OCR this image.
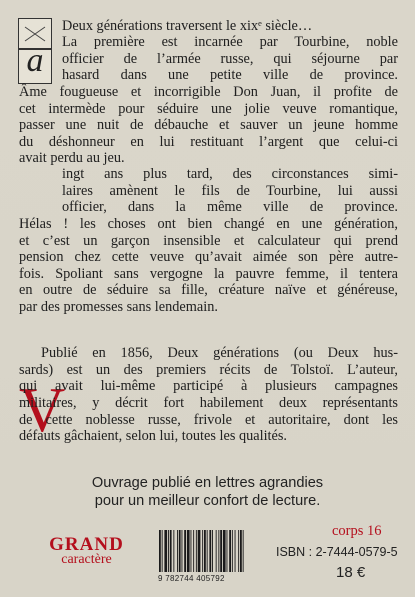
a
Deux générations traversent le xixᵉ siècle…
La première est incarnée par Tourbine, noble
officier de l’armée russe, qui séjourne par
hasard dans une petite ville de province.
Âme fougueuse et incorrigible Don Juan, il profite de
cet intermède pour séduire une jolie veuve romantique,
passer une nuit de débauche et sauver un jeune homme
du déshonneur en lui restituant l’argent que celui-ci
avait perdu au jeu.
V
ingt ans plus tard, des circonstances simi-
laires amènent le fils de Tourbine, lui aussi
officier, dans la même ville de province.
Hélas ! les choses ont bien changé en une génération,
et c’est un garçon insensible et calculateur qui prend
pension chez cette veuve qu’avait aimée son père autre-
fois. Spoliant sans vergogne la pauvre femme, il tentera
en outre de séduire sa fille, créature naïve et généreuse,
par des promesses sans lendemain.
Publié en 1856, Deux générations (ou Deux hus-
sards) est un des premiers récits de Tolstoï. L’auteur,
qui avait lui-même participé à plusieurs campagnes
militaires, y décrit fort habilement deux représentants
de cette noblesse russe, frivole et autoritaire, dont les
défauts gâchaient, selon lui, toutes les qualités.
Ouvrage publié en lettres agrandies
pour un meilleur confort de lecture.
corps 16
GRAND
caractère
9 782744 405792
ISBN : 2-7444-0579-5
18 €
